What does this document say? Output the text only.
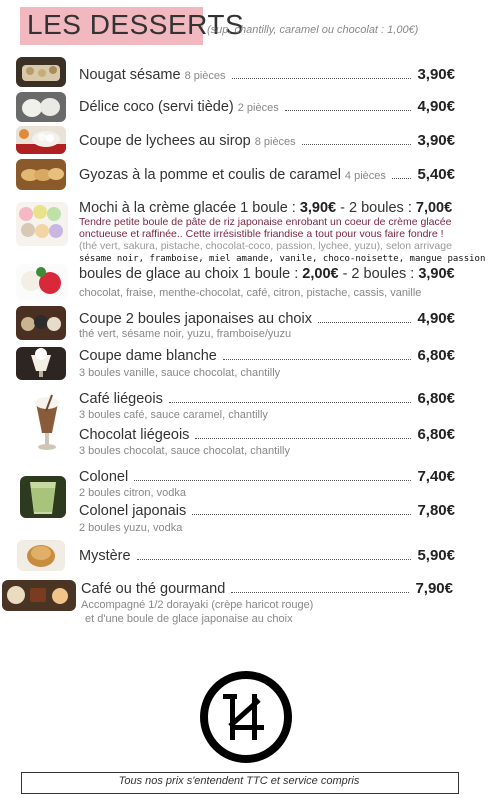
LES DESSERTS
(sup. chantilly, caramel ou chocolat : 1,00€)
Nougat sésame 8 pièces	3,90€
Délice coco (servi tiède) 2 pièces	4,90€
Coupe de lychees au sirop 8 pièces	3,90€
Gyozas à la pomme et coulis de caramel 4 pièces 5,40€
Mochi à la crème glacée 1 boule : 3,90€ - 2 boules : 7,00€
Tendre petite boule de pâte de riz japonaise enrobant un coeur de crème glacée onctueuse et raffinée.. Cette irrésistible friandise a tout pour vous faire fondre ! (thé vert, sakura, pistache, chocolat-coco, passion, lychee, yuzu), selon arrivage
sésame noir, framboise, miel amande, vanile, choco-noisette, mangue passion
boules de glace au choix 1 boule : 2,00€ - 2 boules : 3,90€
chocolat, fraise, menthe-chocolat, café, citron, pistache, cassis, vanille
Coupe 2 boules japonaises au choix	4,90€
thé vert, sésame noir, yuzu, framboise/yuzu
Coupe dame blanche	6,80€
3 boules vanille, sauce chocolat, chantilly
Café liégeois	6,80€
3 boules café, sauce caramel, chantilly
Chocolat liégeois	6,80€
3 boules chocolat, sauce chocolat, chantilly
Colonel	7,40€
2 boules citron, vodka
Colonel japonais	7,80€
2 boules yuzu, vodka
Mystère	5,90€
Café ou thé gourmand	7,90€
Accompagné 1/2 dorayaki (crèpe haricot rouge)
et d'une boule de glace japonaise au choix
Tous nos prix s'entendent TTC et service compris
